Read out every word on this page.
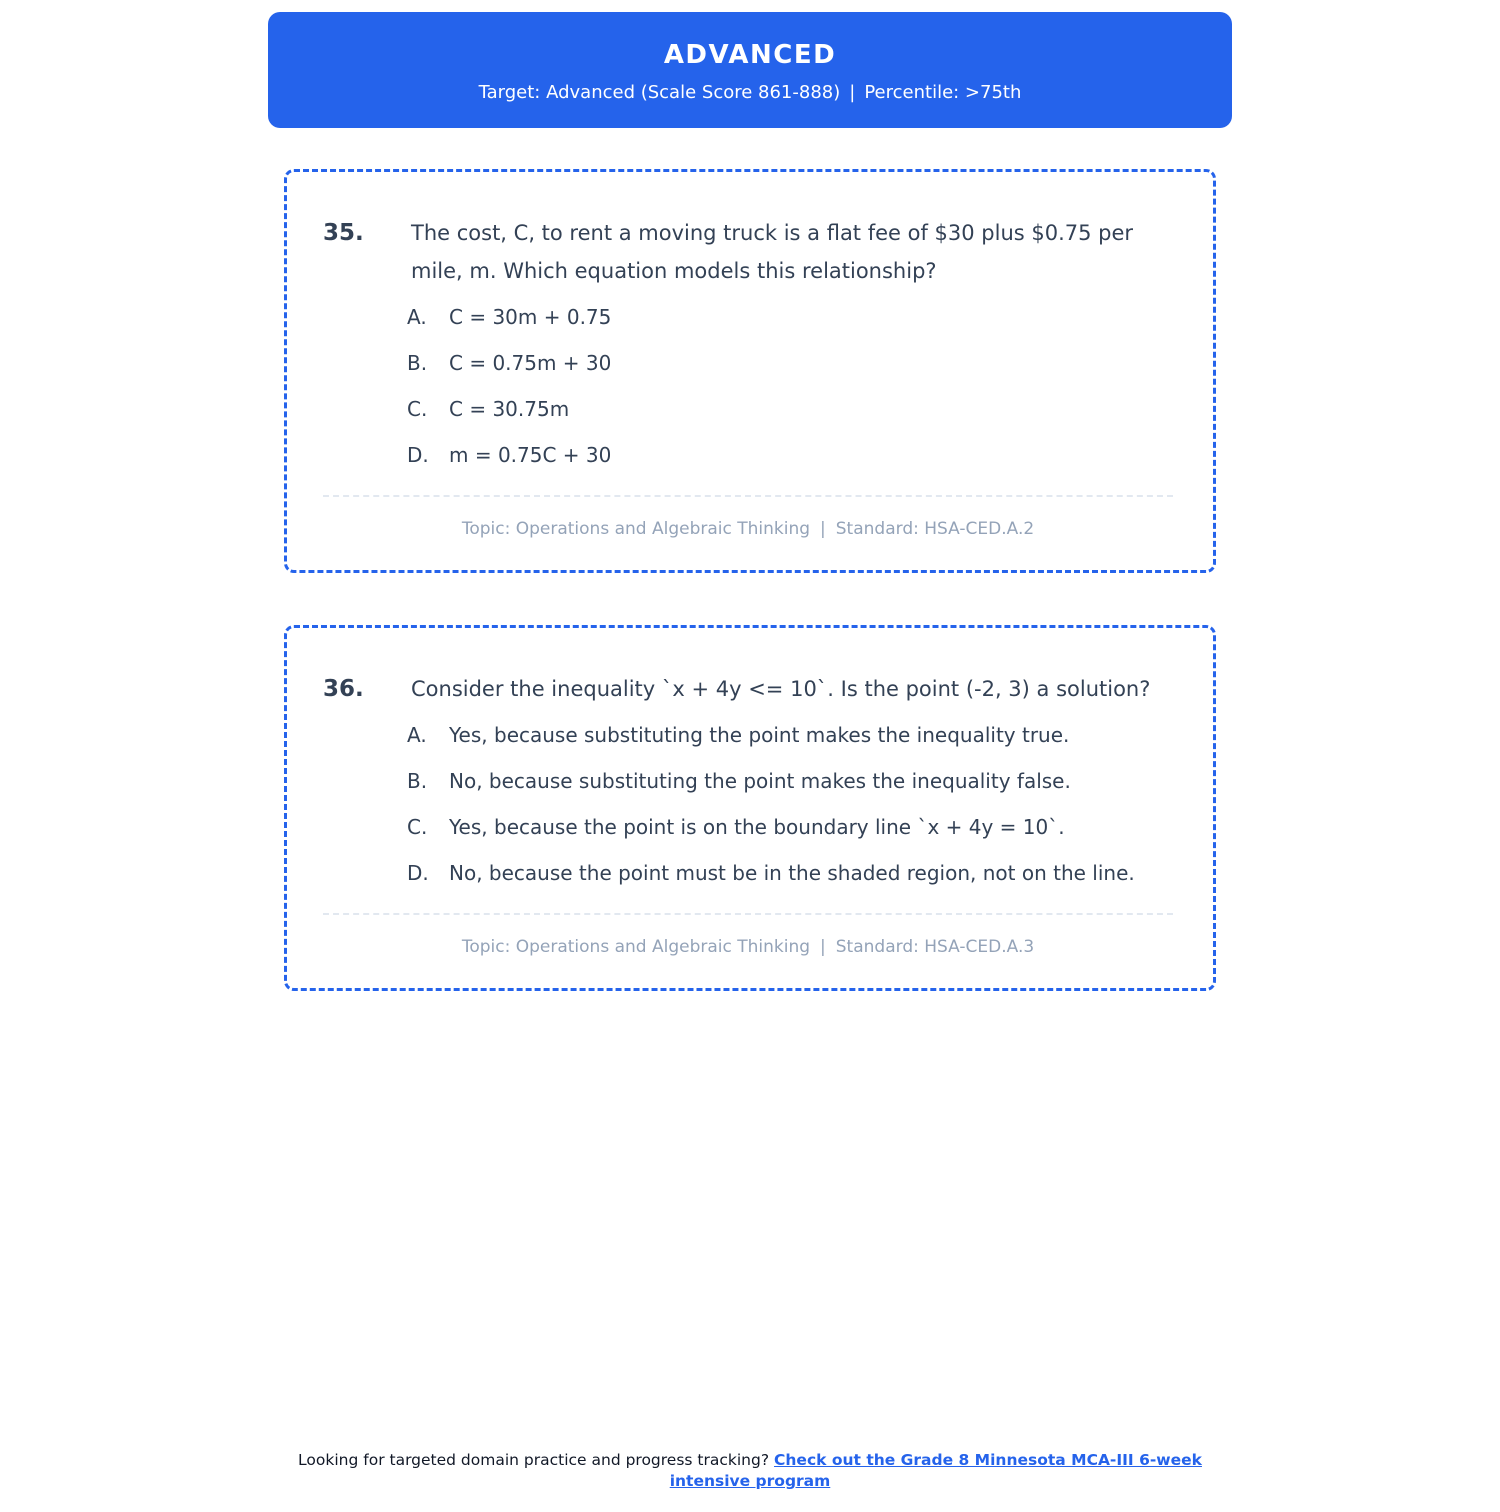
ADVANCED
Target: Advanced (Scale Score 861-888) | Percentile: >75th
35.	The cost, C, to rent a moving truck is a flat fee of $30 plus $0.75 per mile, m. Which equation models this relationship?
A.	C = 30m + 0.75
B.	C = 0.75m + 30
C.	C = 30.75m
D.	m = 0.75C + 30
Topic: Operations and Algebraic Thinking | Standard: HSA-CED.A.2
36.	Consider the inequality `x + 4y <= 10`. Is the point (-2, 3) a solution?
A.	Yes, because substituting the point makes the inequality true.
B.	No, because substituting the point makes the inequality false.
C.	Yes, because the point is on the boundary line `x + 4y = 10`.
D.	No, because the point must be in the shaded region, not on the line.
Topic: Operations and Algebraic Thinking | Standard: HSA-CED.A.3
Looking for targeted domain practice and progress tracking? Check out the Grade 8 Minnesota MCA-III 6-week intensive program
